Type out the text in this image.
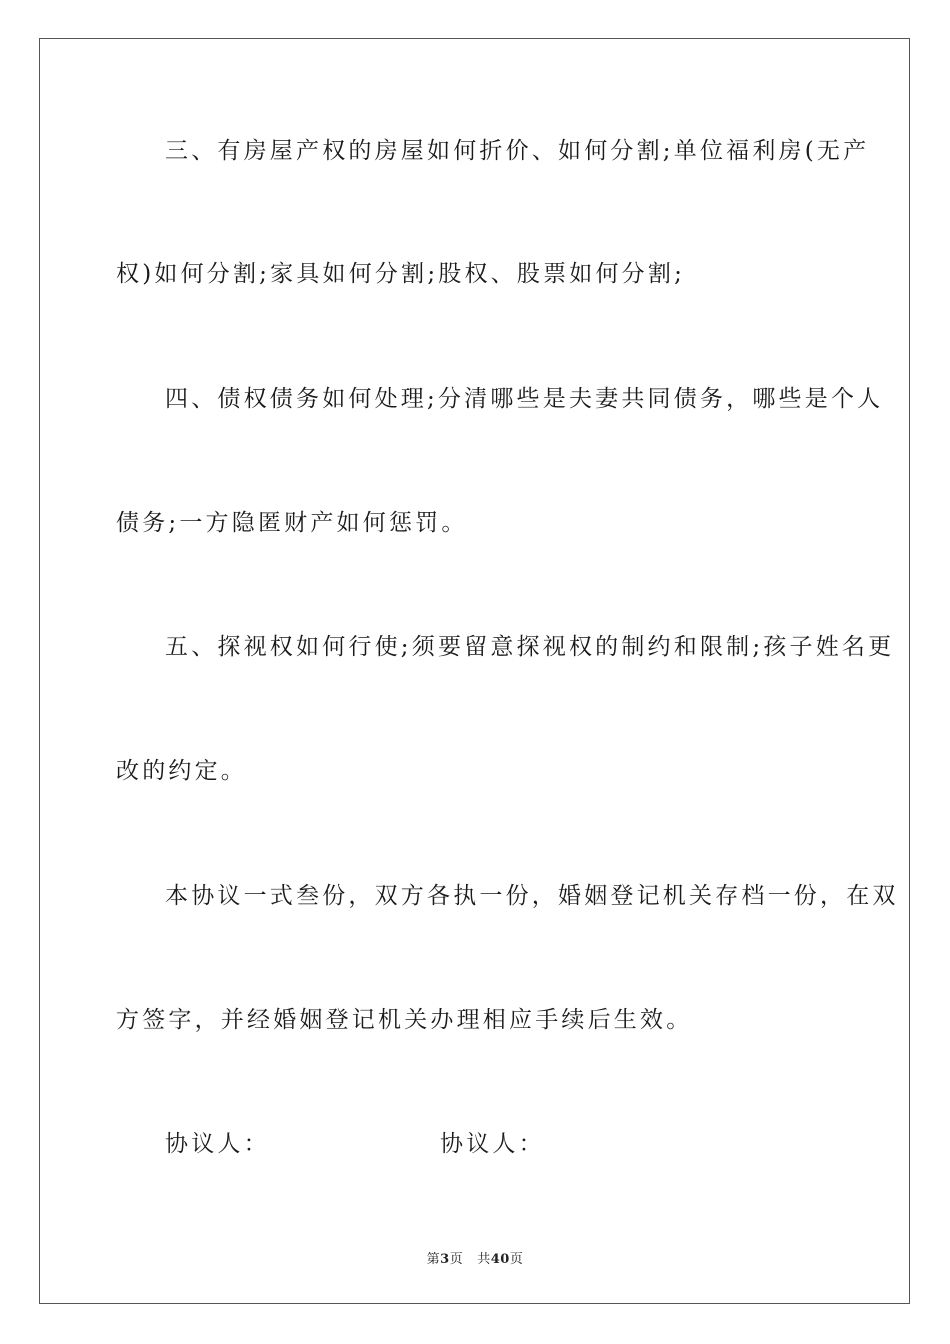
三、有房屋产权的房屋如何折价、如何分割;单位福利房(无产
权)如何分割;家具如何分割;股权、股票如何分割;
四、债权债务如何处理;分清哪些是夫妻共同债务，哪些是个人
债务;一方隐匿财产如何惩罚。
五、探视权如何行使;须要留意探视权的制约和限制;孩子姓名更
改的约定。
本协议一式叁份，双方各执一份，婚姻登记机关存档一份，在双
方签字，并经婚姻登记机关办理相应手续后生效。
协议人：	协议人：
第3页 共40页
